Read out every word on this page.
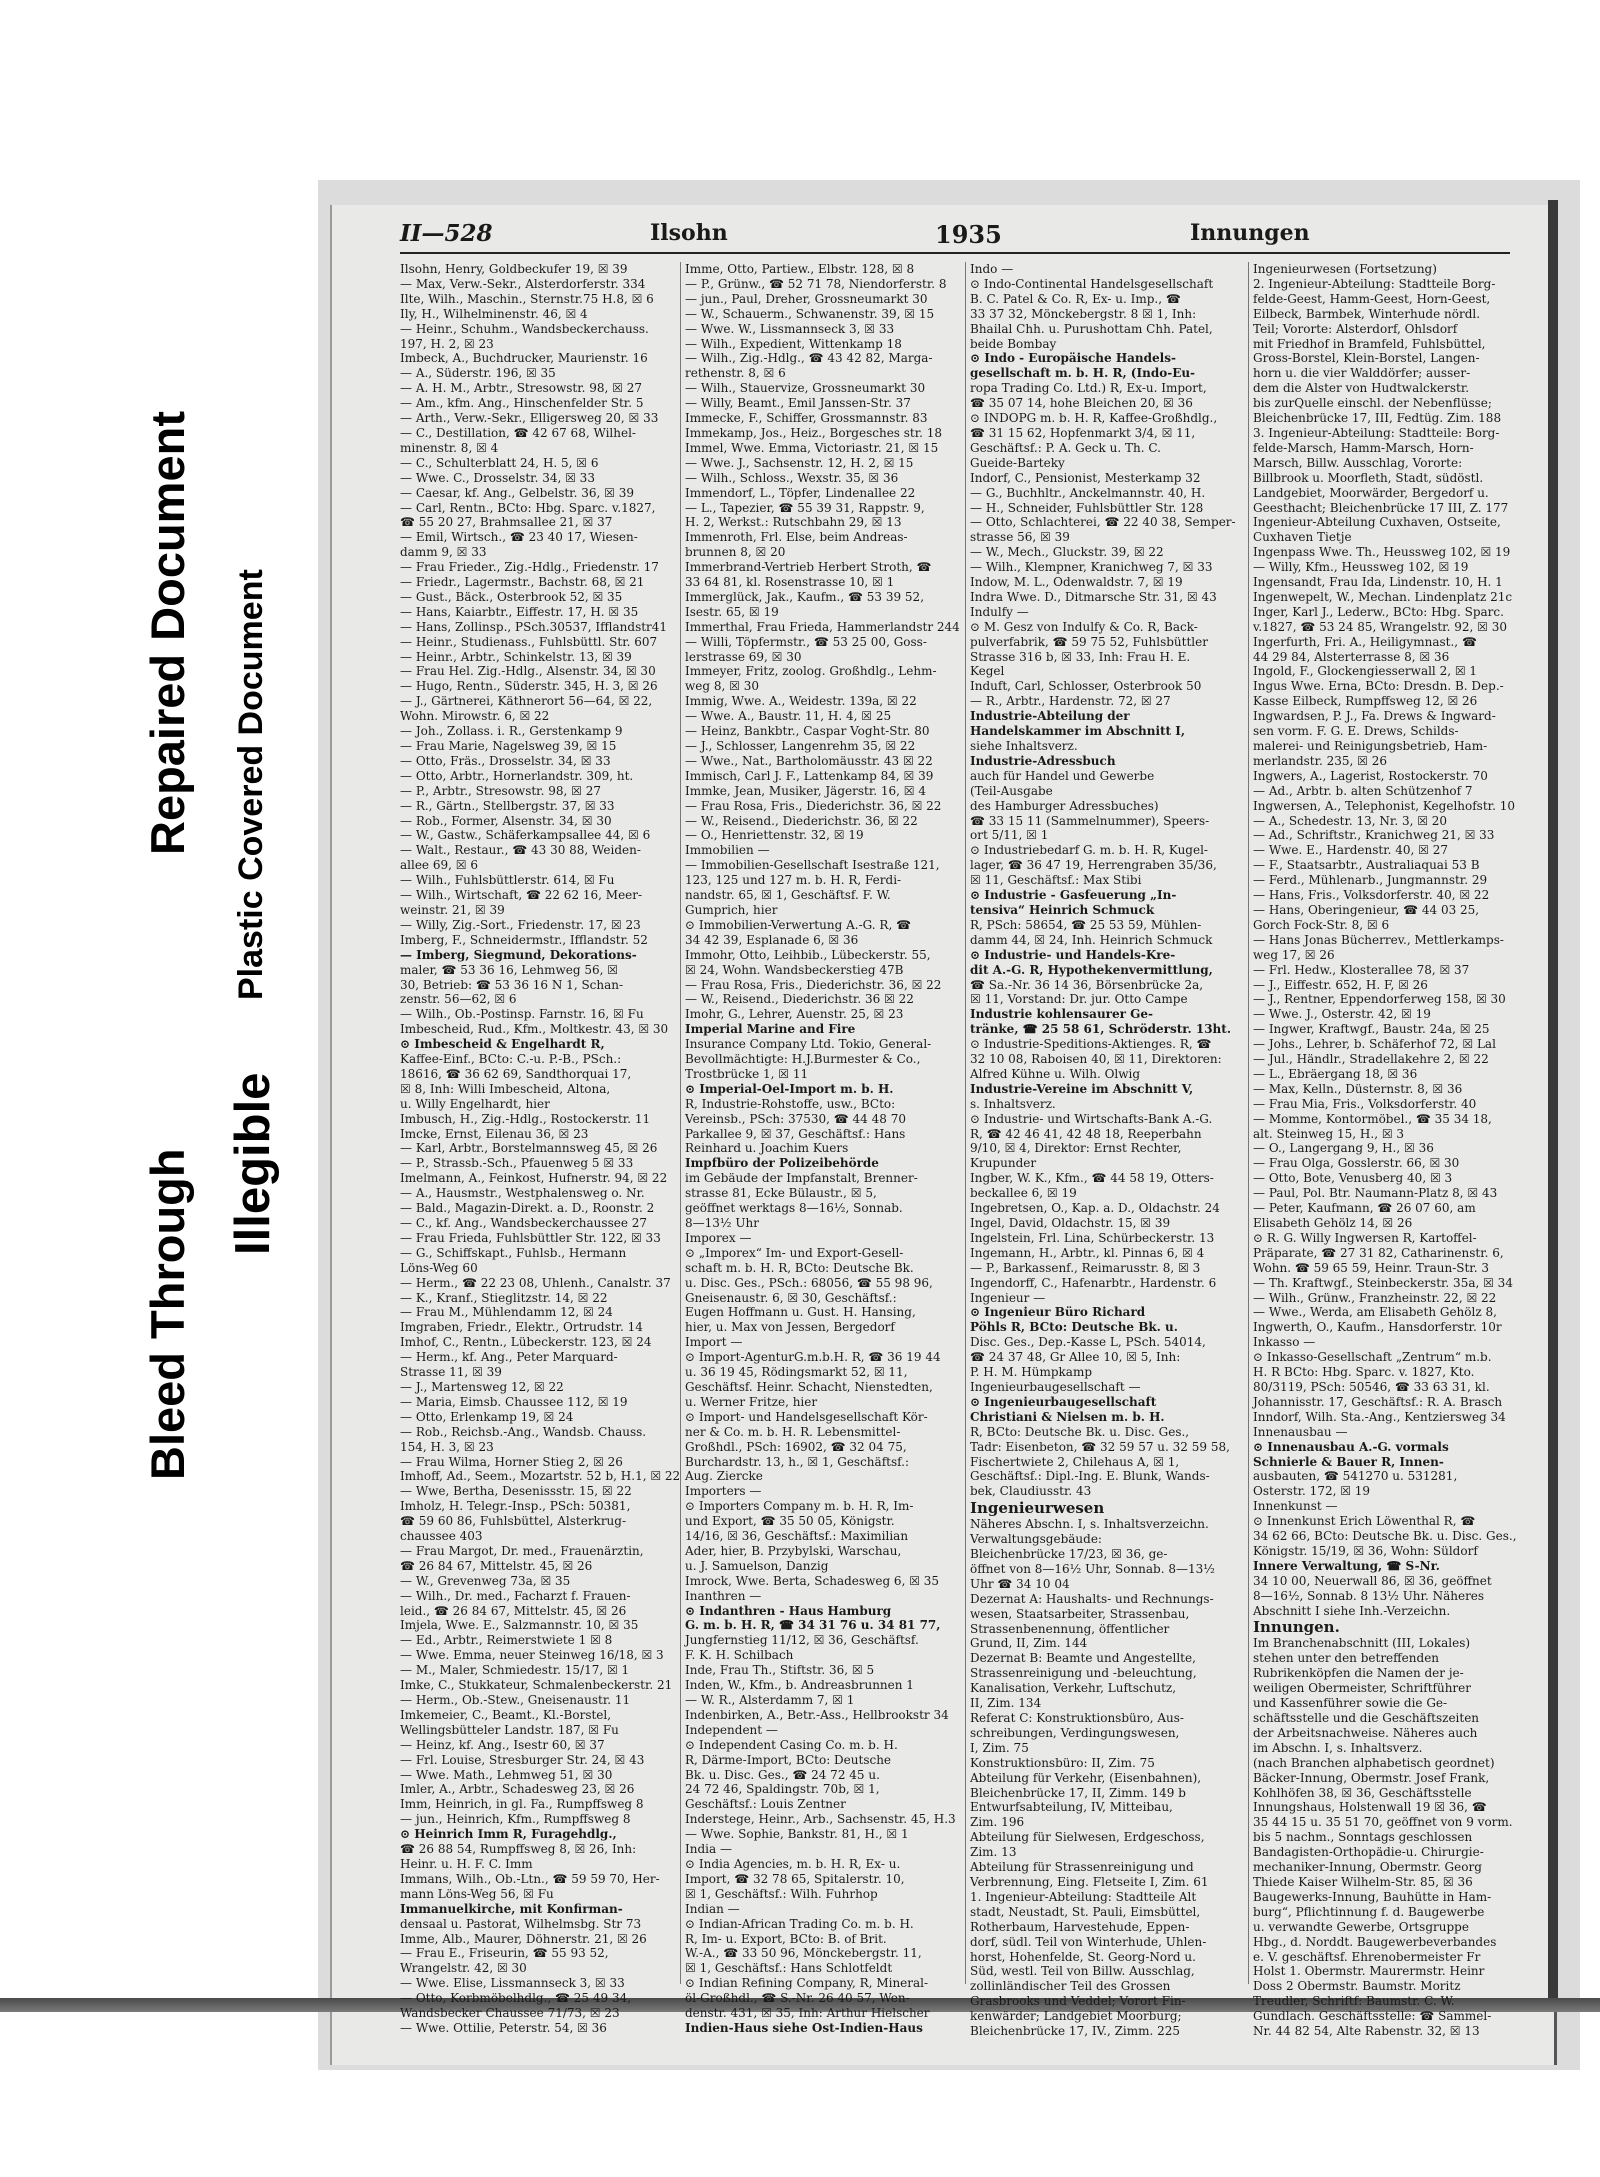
Bleed Through
Repaired Document
Illegible
Plastic Covered Document
II—528	Ilsohn	1935	Innungen
Ilsohn, Henry, Goldbeckufer 19, ☒ 39
— Max, Verw.-Sekr., Alsterdorferstr. 334
Ilte, Wilh., Maschin., Sternstr.75 H.8, ☒ 6
Ily, H., Wilhelminenstr. 46, ☒ 4
— Heinr., Schuhm., Wandsbeckerchauss.
197, H. 2, ☒ 23
Imbeck, A., Buchdrucker, Maurienstr. 16
— A., Süderstr. 196, ☒ 35
— A. H. M., Arbtr., Stresowstr. 98, ☒ 27
— Am., kfm. Ang., Hinschenfelder Str. 5
— Arth., Verw.-Sekr., Elligersweg 20, ☒ 33
— C., Destillation, ☎ 42 67 68, Wilhel-
minenstr. 8, ☒ 4
— C., Schulterblatt 24, H. 5, ☒ 6
— Wwe. C., Drosselstr. 34, ☒ 33
— Caesar, kf. Ang., Gelbelstr. 36, ☒ 39
— Carl, Rentn., BCto: Hbg. Sparc. v.1827,
☎ 55 20 27, Brahmsallee 21, ☒ 37
— Emil, Wirtsch., ☎ 23 40 17, Wiesen-
damm 9, ☒ 33
— Frau Frieder., Zig.-Hdlg., Friedenstr. 17
— Friedr., Lagermstr., Bachstr. 68, ☒ 21
— Gust., Bäck., Osterbrook 52, ☒ 35
— Hans, Kaiarbtr., Eiffestr. 17, H. ☒ 35
— Hans, Zollinsp., PSch.30537, Ifflandstr41
— Heinr., Studienass., Fuhlsbüttl. Str. 607
— Heinr., Arbtr., Schinkelstr. 13, ☒ 39
— Frau Hel. Zig.-Hdlg., Alsenstr. 34, ☒ 30
— Hugo, Rentn., Süderstr. 345, H. 3, ☒ 26
— J., Gärtnerei, Käthnerort 56—64, ☒ 22,
Wohn. Mirowstr. 6, ☒ 22
— Joh., Zollass. i. R., Gerstenkamp 9
— Frau Marie, Nagelsweg 39, ☒ 15
— Otto, Fräs., Drosselstr. 34, ☒ 33
— Otto, Arbtr., Hornerlandstr. 309, ht.
— P., Arbtr., Stresowstr. 98, ☒ 27
— R., Gärtn., Stellbergstr. 37, ☒ 33
— Rob., Former, Alsenstr. 34, ☒ 30
— W., Gastw., Schäferkampsallee 44, ☒ 6
— Walt., Restaur., ☎ 43 30 88, Weiden-
allee 69, ☒ 6
— Wilh., Fuhlsbüttlerstr. 614, ☒ Fu
— Wilh., Wirtschaft, ☎ 22 62 16, Meer-
weinstr. 21, ☒ 39
— Willy, Zig.-Sort., Friedenstr. 17, ☒ 23
Imberg, F., Schneidermstr., Ifflandstr. 52
— Imberg, Siegmund, Dekorations-
maler, ☎ 53 36 16, Lehmweg 56, ☒
30, Betrieb: ☎ 53 36 16 N 1, Schan-
zenstr. 56—62, ☒ 6
— Wilh., Ob.-Postinsp. Farnstr. 16, ☒ Fu
Imbescheid, Rud., Kfm., Moltkestr. 43, ☒ 30
⊙ Imbescheid & Engelhardt R,
Kaffee-Einf., BCto: C.-u. P.-B., PSch.:
18616, ☎ 36 62 69, Sandthorquai 17,
☒ 8, Inh: Willi Imbescheid, Altona,
u. Willy Engelhardt, hier
Imbusch, H., Zig.-Hdlg., Rostockerstr. 11
Imcke, Ernst, Eilenau 36, ☒ 23
— Karl, Arbtr., Borstelmannsweg 45, ☒ 26
— P., Strassb.-Sch., Pfauenweg 5 ☒ 33
Imelmann, A., Feinkost, Hufnerstr. 94, ☒ 22
— A., Hausmstr., Westphalensweg o. Nr.
— Bald., Magazin-Direkt. a. D., Roonstr. 2
— C., kf. Ang., Wandsbeckerchaussee 27
— Frau Frieda, Fuhlsbüttler Str. 122, ☒ 33
— G., Schiffskapt., Fuhlsb., Hermann
Löns-Weg 60
— Herm., ☎ 22 23 08, Uhlenh., Canalstr. 37
— K., Kranf., Stieglitzstr. 14, ☒ 22
— Frau M., Mühlendamm 12, ☒ 24
Imgraben, Friedr., Elektr., Ortrudstr. 14
Imhof, C., Rentn., Lübeckerstr. 123, ☒ 24
— Herm., kf. Ang., Peter Marquard-
Strasse 11, ☒ 39
— J., Martensweg 12, ☒ 22
— Maria, Eimsb. Chaussee 112, ☒ 19
— Otto, Erlenkamp 19, ☒ 24
— Rob., Reichsb.-Ang., Wandsb. Chauss.
154, H. 3, ☒ 23
— Frau Wilma, Horner Stieg 2, ☒ 26
Imhoff, Ad., Seem., Mozartstr. 52 b, H.1, ☒ 22
— Wwe, Bertha, Desenissstr. 15, ☒ 22
Imholz, H. Telegr.-Insp., PSch: 50381,
☎ 59 60 86, Fuhlsbüttel, Alsterkrug-
chaussee 403
— Frau Margot, Dr. med., Frauenärztin,
☎ 26 84 67, Mittelstr. 45, ☒ 26
— W., Grevenweg 73a, ☒ 35
— Wilh., Dr. med., Facharzt f. Frauen-
leid., ☎ 26 84 67, Mittelstr. 45, ☒ 26
Imjela, Wwe. E., Salzmannstr. 10, ☒ 35
— Ed., Arbtr., Reimerstwiete 1 ☒ 8
— Wwe. Emma, neuer Steinweg 16/18, ☒ 3
— M., Maler, Schmiedestr. 15/17, ☒ 1
Imke, C., Stukkateur, Schmalenbeckerstr. 21
— Herm., Ob.-Stew., Gneisenaustr. 11
Imkemeier, C., Beamt., Kl.-Borstel,
Wellingsbütteler Landstr. 187, ☒ Fu
— Heinz, kf. Ang., Isestr 60, ☒ 37
— Frl. Louise, Stresburger Str. 24, ☒ 43
— Wwe. Math., Lehmweg 51, ☒ 30
Imler, A., Arbtr., Schadesweg 23, ☒ 26
Imm, Heinrich, in gl. Fa., Rumpffsweg 8
— jun., Heinrich, Kfm., Rumpffsweg 8
⊙ Heinrich Imm R, Furagehdlg.,
☎ 26 88 54, Rumpffsweg 8, ☒ 26, Inh:
Heinr. u. H. F. C. Imm
Immans, Wilh., Ob.-Ltn., ☎ 59 59 70, Her-
mann Löns-Weg 56, ☒ Fu
Immanuelkirche, mit Konfirman-
densaal u. Pastorat, Wilhelmsbg. Str 73
Imme, Alb., Maurer, Döhnerstr. 21, ☒ 26
— Frau E., Friseurin, ☎ 55 93 52,
Wrangelstr. 42, ☒ 30
— Wwe. Elise, Lissmannseck 3, ☒ 33
— Otto, Korbmöbelhdlg., ☎ 25 49 34,
Wandsbecker Chaussee 71/73, ☒ 23
— Wwe. Ottilie, Peterstr. 54, ☒ 36
Imme, Otto, Partiew., Elbstr. 128, ☒ 8
— P., Grünw., ☎ 52 71 78, Niendorferstr. 8
— jun., Paul, Dreher, Grossneumarkt 30
— W., Schauerm., Schwanenstr. 39, ☒ 15
— Wwe. W., Lissmannseck 3, ☒ 33
— Wilh., Expedient, Wittenkamp 18
— Wilh., Zig.-Hdlg., ☎ 43 42 82, Marga-
rethenstr. 8, ☒ 6
— Wilh., Stauervize, Grossneumarkt 30
— Willy, Beamt., Emil Janssen-Str. 37
Immecke, F., Schiffer, Grossmannstr. 83
Immekamp, Jos., Heiz., Borgesches str. 18
Immel, Wwe. Emma, Victoriastr. 21, ☒ 15
— Wwe. J., Sachsenstr. 12, H. 2, ☒ 15
— Wilh., Schloss., Wexstr. 35, ☒ 36
Immendorf, L., Töpfer, Lindenallee 22
— L., Tapezier, ☎ 55 39 31, Rappstr. 9,
H. 2, Werkst.: Rutschbahn 29, ☒ 13
Immenroth, Frl. Else, beim Andreas-
brunnen 8, ☒ 20
Immerbrand-Vertrieb Herbert Stroth, ☎
33 64 81, kl. Rosenstrasse 10, ☒ 1
Immerglück, Jak., Kaufm., ☎ 53 39 52,
Isestr. 65, ☒ 19
Immerthal, Frau Frieda, Hammerlandstr 244
— Willi, Töpfermstr., ☎ 53 25 00, Goss-
lerstrasse 69, ☒ 30
Immeyer, Fritz, zoolog. Großhdlg., Lehm-
weg 8, ☒ 30
Immig, Wwe. A., Weidestr. 139a, ☒ 22
— Wwe. A., Baustr. 11, H. 4, ☒ 25
— Heinz, Bankbtr., Caspar Voght-Str. 80
— J., Schlosser, Langenrehm 35, ☒ 22
— Wwe., Nat., Bartholomäusstr. 43 ☒ 22
Immisch, Carl J. F., Lattenkamp 84, ☒ 39
Immke, Jean, Musiker, Jägerstr. 16, ☒ 4
— Frau Rosa, Fris., Diederichstr. 36, ☒ 22
— W., Reisend., Diederichstr. 36, ☒ 22
— O., Henriettenstr. 32, ☒ 19
Immobilien —
— Immobilien-Gesellschaft Isestraße 121,
123, 125 und 127 m. b. H. R, Ferdi-
nandstr. 65, ☒ 1, Geschäftsf. F. W.
Gumprich, hier
⊙ Immobilien-Verwertung A.-G. R, ☎
34 42 39, Esplanade 6, ☒ 36
Immohr, Otto, Leihbib., Lübeckerstr. 55,
☒ 24, Wohn. Wandsbeckerstieg 47B
— Frau Rosa, Fris., Diederichstr. 36, ☒ 22
— W., Reisend., Diederichstr. 36 ☒ 22
Imohr, G., Lehrer, Auenstr. 25, ☒ 23
Imperial Marine and Fire
Insurance Company Ltd. Tokio, General-
Bevollmächtigte: H.J.Burmester & Co.,
Trostbrücke 1, ☒ 11
⊙ Imperial-Oel-Import m. b. H.
R, Industrie-Rohstoffe, usw., BCto:
Vereinsb., PSch: 37530, ☎ 44 48 70
Parkallee 9, ☒ 37, Geschäftsf.: Hans
Reinhard u. Joachim Kuers
Impfbüro der Polizeibehörde
im Gebäude der Impfanstalt, Brenner-
strasse 81, Ecke Bülaustr., ☒ 5,
geöffnet werktags 8—16½, Sonnab.
8—13½ Uhr
Imporex —
⊙ „Imporex“ Im- und Export-Gesell-
schaft m. b. H. R, BCto: Deutsche Bk.
u. Disc. Ges., PSch.: 68056, ☎ 55 98 96,
Gneisenaustr. 6, ☒ 30, Geschäftsf.:
Eugen Hoffmann u. Gust. H. Hansing,
hier, u. Max von Jessen, Bergedorf
Import —
⊙ Import-AgenturG.m.b.H. R, ☎ 36 19 44
u. 36 19 45, Rödingsmarkt 52, ☒ 11,
Geschäftsf. Heinr. Schacht, Nienstedten,
u. Werner Fritze, hier
⊙ Import- und Handelsgesellschaft Kör-
ner & Co. m. b. H. R. Lebensmittel-
Großhdl., PSch: 16902, ☎ 32 04 75,
Burchardstr. 13, h., ☒ 1, Geschäftsf.:
Aug. Ziercke
Importers —
⊙ Importers Company m. b. H. R, Im-
und Export, ☎ 35 50 05, Königstr.
14/16, ☒ 36, Geschäftsf.: Maximilian
Ader, hier, B. Przybylski, Warschau,
u. J. Samuelson, Danzig
Imrock, Wwe. Berta, Schadesweg 6, ☒ 35
Inanthren —
⊙ Indanthren - Haus Hamburg
G. m. b. H. R, ☎ 34 31 76 u. 34 81 77,
Jungfernstieg 11/12, ☒ 36, Geschäftsf.
F. K. H. Schilbach
Inde, Frau Th., Stiftstr. 36, ☒ 5
Inden, W., Kfm., b. Andreasbrunnen 1
— W. R., Alsterdamm 7, ☒ 1
Indenbirken, A., Betr.-Ass., Hellbrookstr 34
Independent —
⊙ Independent Casing Co. m. b. H.
R, Därme-Import, BCto: Deutsche
Bk. u. Disc. Ges., ☎ 24 72 45 u.
24 72 46, Spaldingstr. 70b, ☒ 1,
Geschäftsf.: Louis Zentner
Inderstege, Heinr., Arb., Sachsenstr. 45, H.3
— Wwe. Sophie, Bankstr. 81, H., ☒ 1
India —
⊙ India Agencies, m. b. H. R, Ex- u.
Import, ☎ 32 78 65, Spitalerstr. 10,
☒ 1, Geschäftsf.: Wilh. Fuhrhop
Indian —
⊙ Indian-African Trading Co. m. b. H.
R, Im- u. Export, BCto: B. of Brit.
W.-A., ☎ 33 50 96, Mönckebergstr. 11,
☒ 1, Geschäftsf.: Hans Schlotfeldt
⊙ Indian Refining Company, R, Mineral-
öl-Großhdl., ☎ S.-Nr. 26 40 57, Wen-
denstr. 431, ☒ 35, Inh: Arthur Hielscher
Indien-Haus siehe Ost-Indien-Haus
Indo —
⊙ Indo-Continental Handelsgesellschaft
B. C. Patel & Co. R, Ex- u. Imp., ☎
33 37 32, Mönckebergstr. 8 ☒ 1, Inh:
Bhailal Chh. u. Purushottam Chh. Patel,
beide Bombay
⊙ Indo - Europäische Handels-
gesellschaft m. b. H. R, (Indo-Eu-
ropa Trading Co. Ltd.) R, Ex-u. Import,
☎ 35 07 14, hohe Bleichen 20, ☒ 36
⊙ INDOPG m. b. H. R, Kaffee-Großhdlg.,
☎ 31 15 62, Hopfenmarkt 3/4, ☒ 11,
Geschäftsf.: P. A. Geck u. Th. C.
Gueide-Barteky
Indorf, C., Pensionist, Mesterkamp 32
— G., Buchhltr., Anckelmannstr. 40, H.
— H., Schneider, Fuhlsbüttler Str. 128
— Otto, Schlachterei, ☎ 22 40 38, Semper-
strasse 56, ☒ 39
— W., Mech., Gluckstr. 39, ☒ 22
— Wilh., Klempner, Kranichweg 7, ☒ 33
Indow, M. L., Odenwaldstr. 7, ☒ 19
Indra Wwe. D., Ditmarsche Str. 31, ☒ 43
Indulfy —
⊙ M. Gesz von Indulfy & Co. R, Back-
pulverfabrik, ☎ 59 75 52, Fuhlsbüttler
Strasse 316 b, ☒ 33, Inh: Frau H. E.
Kegel
Induft, Carl, Schlosser, Osterbrook 50
— R., Arbtr., Hardenstr. 72, ☒ 27
Industrie-Abteilung der
Handelskammer im Abschnitt I,
siehe Inhaltsverz.
Industrie-Adressbuch
auch für Handel und Gewerbe
(Teil-Ausgabe
des Hamburger Adressbuches)
☎ 33 15 11 (Sammelnummer), Speers-
ort 5/11, ☒ 1
⊙ Industriebedarf G. m. b. H. R, Kugel-
lager, ☎ 36 47 19, Herrengraben 35/36,
☒ 11, Geschäftsf.: Max Stibi
⊙ Industrie - Gasfeuerung „In-
tensiva“ Heinrich Schmuck
R, PSch: 58654, ☎ 25 53 59, Mühlen-
damm 44, ☒ 24, Inh. Heinrich Schmuck
⊙ Industrie- und Handels-Kre-
dit A.-G. R, Hypothekenvermittlung,
☎ Sa.-Nr. 36 14 36, Börsenbrücke 2a,
☒ 11, Vorstand: Dr. jur. Otto Campe
Industrie kohlensaurer Ge-
tränke, ☎ 25 58 61, Schröderstr. 13ht.
⊙ Industrie-Speditions-Aktienges. R, ☎
32 10 08, Raboisen 40, ☒ 11, Direktoren:
Alfred Kühne u. Wilh. Olwig
Industrie-Vereine im Abschnitt V,
s. Inhaltsverz.
⊙ Industrie- und Wirtschafts-Bank A.-G.
R, ☎ 42 46 41, 42 48 18, Reeperbahn
9/10, ☒ 4, Direktor: Ernst Rechter,
Krupunder
Ingber, W. K., Kfm., ☎ 44 58 19, Otters-
beckallee 6, ☒ 19
Ingebretsen, O., Kap. a. D., Oldachstr. 24
Ingel, David, Oldachstr. 15, ☒ 39
Ingelstein, Frl. Lina, Schürbeckerstr. 13
Ingemann, H., Arbtr., kl. Pinnas 6, ☒ 4
— P., Barkassenf., Reimarusstr. 8, ☒ 3
Ingendorff, C., Hafenarbtr., Hardenstr. 6
Ingenieur —
⊙ Ingenieur Büro Richard
Pöhls R, BCto: Deutsche Bk. u.
Disc. Ges., Dep.-Kasse L, PSch. 54014,
☎ 24 37 48, Gr Allee 10, ☒ 5, Inh:
P. H. M. Hümpkamp
Ingenieurbaugesellschaft —
⊙ Ingenieurbaugesellschaft
Christiani & Nielsen m. b. H.
R, BCto: Deutsche Bk. u. Disc. Ges.,
Tadr: Eisenbeton, ☎ 32 59 57 u. 32 59 58,
Fischertwiete 2, Chilehaus A, ☒ 1,
Geschäftsf.: Dipl.-Ing. E. Blunk, Wands-
bek, Claudiusstr. 43
Ingenieurwesen
Näheres Abschn. I, s. Inhaltsverzeichn.
Verwaltungsgebäude:
Bleichenbrücke 17/23, ☒ 36, ge-
öffnet von 8—16½ Uhr, Sonnab. 8—13½
Uhr ☎ 34 10 04
Dezernat A: Haushalts- und Rechnungs-
wesen, Staatsarbeiter, Strassenbau,
Strassenbenennung, öffentlicher
Grund, II, Zim. 144
Dezernat B: Beamte und Angestellte,
Strassenreinigung und -beleuchtung,
Kanalisation, Verkehr, Luftschutz,
II, Zim. 134
Referat C: Konstruktionsbüro, Aus-
schreibungen, Verdingungswesen,
I, Zim. 75
Konstruktionsbüro: II, Zim. 75
Abteilung für Verkehr, (Eisenbahnen),
Bleichenbrücke 17, II, Zimm. 149 b
Entwurfsabteilung, IV, Mitteibau,
Zim. 196
Abteilung für Sielwesen, Erdgeschoss,
Zim. 13
Abteilung für Strassenreinigung und
Verbrennung, Eing. Fletseite I, Zim. 61
1. Ingenieur-Abteilung: Stadtteile Alt
stadt, Neustadt, St. Pauli, Eimsbüttel,
Rotherbaum, Harvestehude, Eppen-
dorf, südl. Teil von Winterhude, Uhlen-
horst, Hohenfelde, St. Georg-Nord u.
Süd, westl. Teil von Billw. Ausschlag,
zollinländischer Teil des Grossen
Grasbrooks und Veddel; Vorort Fin-
kenwärder; Landgebiet Moorburg;
Bleichenbrücke 17, IV., Zimm. 225
Ingenieurwesen (Fortsetzung)
2. Ingenieur-Abteilung: Stadtteile Borg-
felde-Geest, Hamm-Geest, Horn-Geest,
Eilbeck, Barmbek, Winterhude nördl.
Teil; Vororte: Alsterdorf, Ohlsdorf
mit Friedhof in Bramfeld, Fuhlsbüttel,
Gross-Borstel, Klein-Borstel, Langen-
horn u. die vier Walddörfer; ausser-
dem die Alster von Hudtwalckerstr.
bis zurQuelle einschl. der Nebenflüsse;
Bleichenbrücke 17, III, Fedtüg. Zim. 188
3. Ingenieur-Abteilung: Stadtteile: Borg-
felde-Marsch, Hamm-Marsch, Horn-
Marsch, Billw. Ausschlag, Vororte:
Billbrook u. Moorfleth, Stadt, südöstl.
Landgebiet, Moorwärder, Bergedorf u.
Geesthacht; Bleichenbrücke 17 III, Z. 177
Ingenieur-Abteilung Cuxhaven, Ostseite,
Cuxhaven Tietje
Ingenpass Wwe. Th., Heussweg 102, ☒ 19
— Willy, Kfm., Heussweg 102, ☒ 19
Ingensandt, Frau Ida, Lindenstr. 10, H. 1
Ingenwepelt, W., Mechan. Lindenplatz 21c
Inger, Karl J., Lederw., BCto: Hbg. Sparc.
v.1827, ☎ 53 24 85, Wrangelstr. 92, ☒ 30
Ingerfurth, Fri. A., Heiligymnast., ☎
44 29 84, Alsterterrasse 8, ☒ 36
Ingold, F., Glockengiesserwall 2, ☒ 1
Ingus Wwe. Erna, BCto: Dresdn. B. Dep.-
Kasse Eilbeck, Rumpffsweg 12, ☒ 26
Ingwardsen, P. J., Fa. Drews & Ingward-
sen vorm. F. G. E. Drews, Schilds-
malerei- und Reinigungsbetrieb, Ham-
merlandstr. 235, ☒ 26
Ingwers, A., Lagerist, Rostockerstr. 70
— Ad., Arbtr. b. alten Schützenhof 7
Ingwersen, A., Telephonist, Kegelhofstr. 10
— A., Schedestr. 13, Nr. 3, ☒ 20
— Ad., Schriftstr., Kranichweg 21, ☒ 33
— Wwe. E., Hardenstr. 40, ☒ 27
— F., Staatsarbtr., Australiaquai 53 B
— Ferd., Mühlenarb., Jungmannstr. 29
— Hans, Fris., Volksdorferstr. 40, ☒ 22
— Hans, Oberingenieur, ☎ 44 03 25,
Gorch Fock-Str. 8, ☒ 6
— Hans Jonas Bücherrev., Mettlerkamps-
weg 17, ☒ 26
— Frl. Hedw., Klosterallee 78, ☒ 37
— J., Eiffestr. 652, H. F, ☒ 26
— J., Rentner, Eppendorferweg 158, ☒ 30
— Wwe. J., Osterstr. 42, ☒ 19
— Ingwer, Kraftwgf., Baustr. 24a, ☒ 25
— Johs., Lehrer, b. Schäferhof 72, ☒ Lal
— Jul., Händlr., Stradellakehre 2, ☒ 22
— L., Ebräergang 18, ☒ 36
— Max, Kelln., Düsternstr. 8, ☒ 36
— Frau Mia, Fris., Volksdorferstr. 40
— Momme, Kontormöbel., ☎ 35 34 18,
alt. Steinweg 15, H., ☒ 3
— O., Langergang 9, H., ☒ 36
— Frau Olga, Gosslerstr. 66, ☒ 30
— Otto, Bote, Venusberg 40, ☒ 3
— Paul, Pol. Btr. Naumann-Platz 8, ☒ 43
— Peter, Kaufmann, ☎ 26 07 60, am
Elisabeth Gehölz 14, ☒ 26
⊙ R. G. Willy Ingwersen R, Kartoffel-
Präparate, ☎ 27 31 82, Catharinenstr. 6,
Wohn. ☎ 59 65 59, Heinr. Traun-Str. 3
— Th. Kraftwgf., Steinbeckerstr. 35a, ☒ 34
— Wilh., Grünw., Franzheinstr. 22, ☒ 22
— Wwe., Werda, am Elisabeth Gehölz 8,
Ingwerth, O., Kaufm., Hansdorferstr. 10r
Inkasso —
⊙ Inkasso-Gesellschaft „Zentrum“ m.b.
H. R BCto: Hbg. Sparc. v. 1827, Kto.
80/3119, PSch: 50546, ☎ 33 63 31, kl.
Johannisstr. 17, Geschäftsf.: R. A. Brasch
Inndorf, Wilh. Sta.-Ang., Kentziersweg 34
Innenausbau —
⊙ Innenausbau A.-G. vormals
Schnierle & Bauer R, Innen-
ausbauten, ☎ 541270 u. 531281,
Osterstr. 172, ☒ 19
Innenkunst —
⊙ Innenkunst Erich Löwenthal R, ☎
34 62 66, BCto: Deutsche Bk. u. Disc. Ges.,
Königstr. 15/19, ☒ 36, Wohn: Süldorf
Innere Verwaltung, ☎ S-Nr.
34 10 00, Neuerwall 86, ☒ 36, geöffnet
8—16½, Sonnab. 8 13½ Uhr. Näheres
Abschnitt I siehe Inh.-Verzeichn.
Innungen.
Im Branchenabschnitt (III, Lokales)
stehen unter den betreffenden
Rubrikenköpfen die Namen der je-
weiligen Obermeister, Schriftführer
und Kassenführer sowie die Ge-
schäftsstelle und die Geschäftszeiten
der Arbeitsnachweise. Näheres auch
im Abschn. I, s. Inhaltsverz.
(nach Branchen alphabetisch geordnet)
Bäcker-Innung, Obermstr. Josef Frank,
Kohlhöfen 38, ☒ 36, Geschäftsstelle
Innungshaus, Holstenwall 19 ☒ 36, ☎
35 44 15 u. 35 51 70, geöffnet von 9 vorm.
bis 5 nachm., Sonntags geschlossen
Bandagisten-Orthopädie-u. Chirurgie-
mechaniker-Innung, Obermstr. Georg
Thiede Kaiser Wilhelm-Str. 85, ☒ 36
Baugewerks-Innung, Bauhütte in Ham-
burg“, Pflichtinnung f. d. Baugewerbe
u. verwandte Gewerbe, Ortsgruppe
Hbg., d. Norddt. Baugewerbeverbandes
e. V. geschäftsf. Ehrenobermeister Fr
Holst 1. Obermstr. Maurermstr. Heinr
Doss 2 Obermstr. Baumstr. Moritz
Treudler, Schriftf: Baumstr. C. W.
Gundlach. Geschäftsstelle: ☎ Sammel-
Nr. 44 82 54, Alte Rabenstr. 32, ☒ 13
